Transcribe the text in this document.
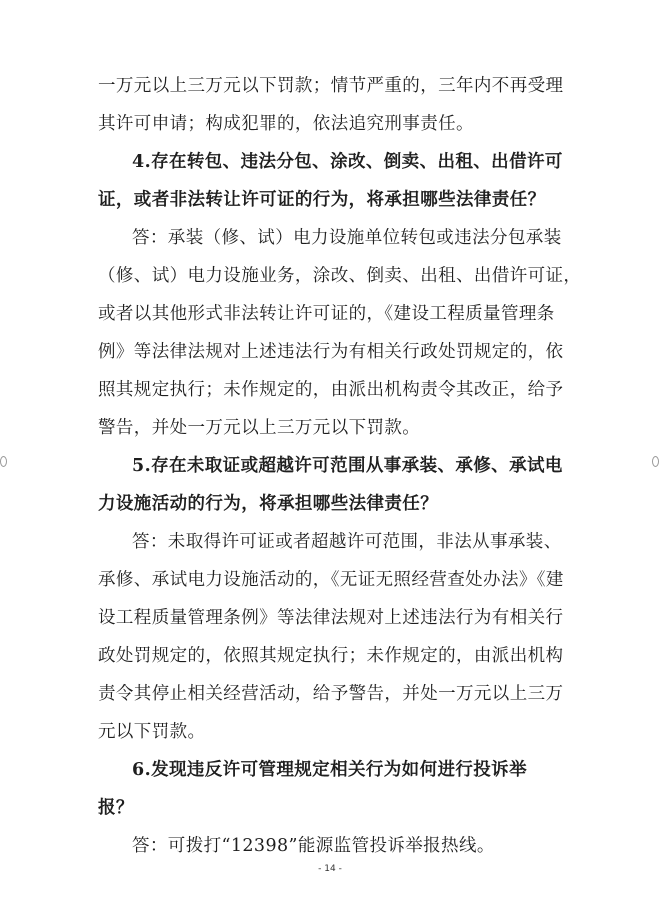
一万元以上三万元以下罚款；情节严重的，三年内不再受理
其许可申请；构成犯罪的，依法追究刑事责任。
4.存在转包、违法分包、涂改、倒卖、出租、出借许可
证，或者非法转让许可证的行为，将承担哪些法律责任？
答：承装（修、试）电力设施单位转包或违法分包承装
（修、试）电力设施业务，涂改、倒卖、出租、出借许可证，
或者以其他形式非法转让许可证的，《建设工程质量管理条
例》等法律法规对上述违法行为有相关行政处罚规定的，依
照其规定执行；未作规定的，由派出机构责令其改正，给予
警告，并处一万元以上三万元以下罚款。
5.存在未取证或超越许可范围从事承装、承修、承试电
力设施活动的行为，将承担哪些法律责任？
答：未取得许可证或者超越许可范围，非法从事承装、
承修、承试电力设施活动的，《无证无照经营查处办法》《建
设工程质量管理条例》等法律法规对上述违法行为有相关行
政处罚规定的，依照其规定执行；未作规定的，由派出机构
责令其停止相关经营活动，给予警告，并处一万元以上三万
元以下罚款。
6.发现违反许可管理规定相关行为如何进行投诉举
报？
答：可拨打“12398”能源监管投诉举报热线。
- 14 -
